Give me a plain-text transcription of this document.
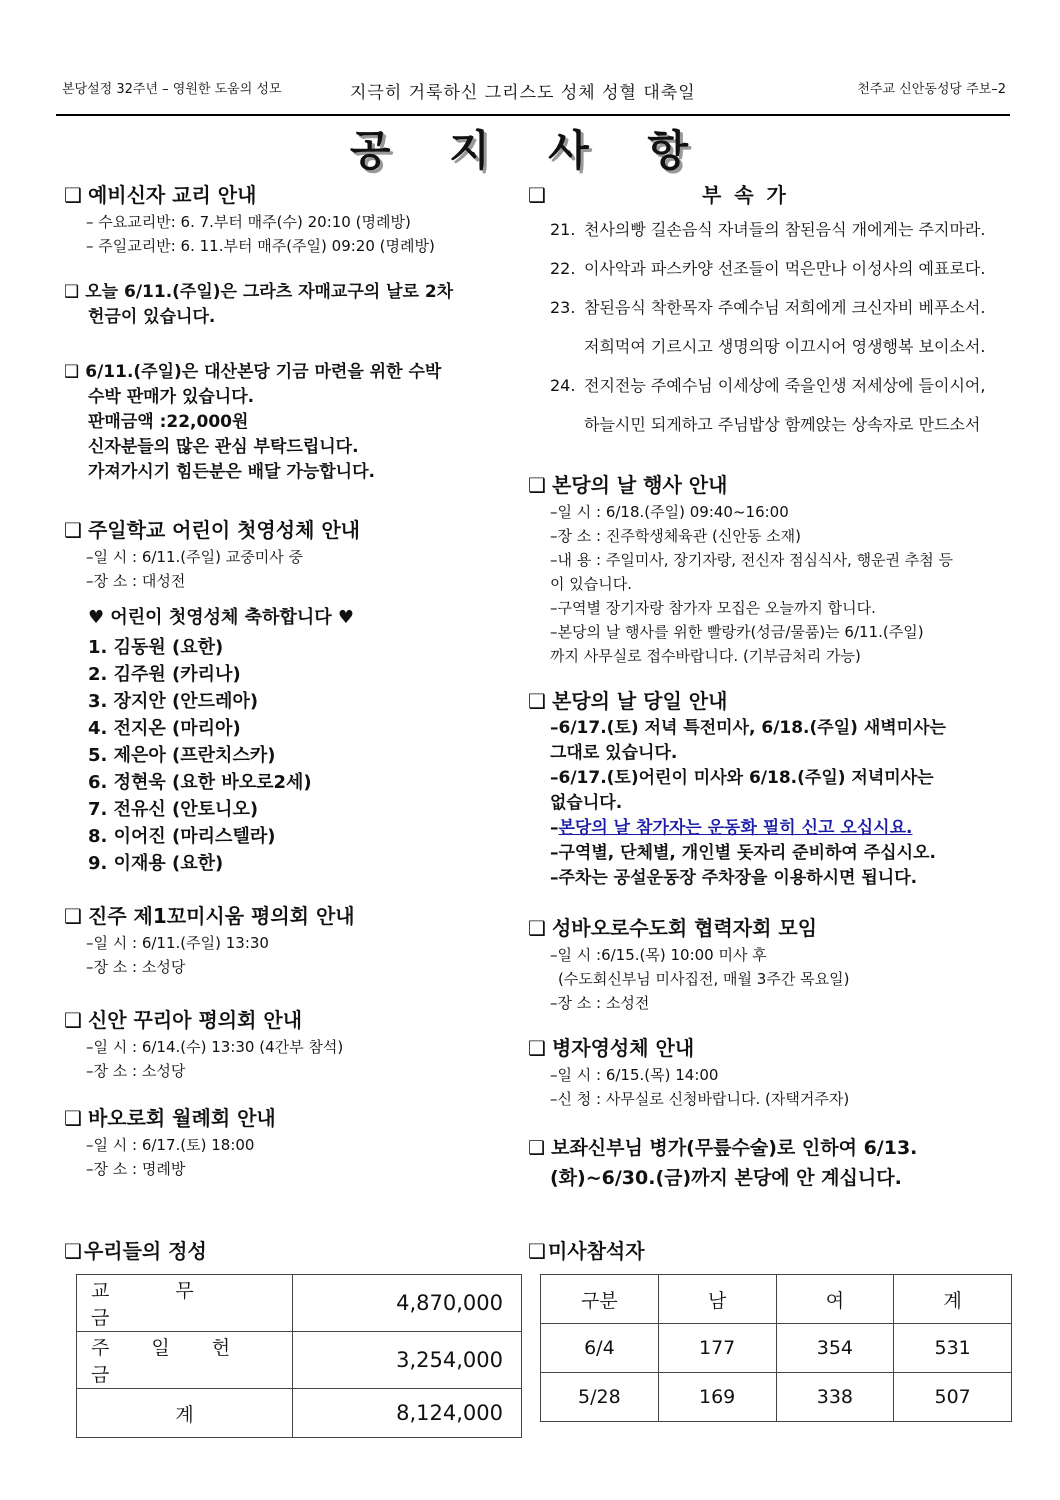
본당설정 32주년 – 영원한 도움의 성모	지극히 거룩하신 그리스도 성체 성혈 대축일	천주교 신안동성당 주보–2
공 지 사 항
❑ 예비신자 교리 안내
– 수요교리반: 6. 7.부터 매주(수) 20:10 (명례방)
– 주일교리반: 6. 11.부터 매주(주일) 09:20 (명례방)
❑ 오늘 6/11.(주일)은 그라츠 자매교구의 날로 2차
헌금이 있습니다.
❑ 6/11.(주일)은 대산본당 기금 마련을 위한 수박
수박 판매가 있습니다.
판매금액 :22,000원
신자분들의 많은 관심 부탁드립니다.
가져가시기 힘든분은 배달 가능합니다.
❑ 주일학교 어린이 첫영성체 안내
–일 시 : 6/11.(주일) 교중미사 중
–장 소 : 대성전
♥ 어린이 첫영성체 축하합니다 ♥
1. 김동원 (요한)
2. 김주원 (카리나)
3. 장지안 (안드레아)
4. 전지온 (마리아)
5. 제은아 (프란치스카)
6. 정현욱 (요한 바오로2세)
7. 전유신 (안토니오)
8. 이어진 (마리스텔라)
9. 이재용 (요한)
❑ 진주 제1꼬미시움 평의회 안내
–일 시 : 6/11.(주일) 13:30
–장 소 : 소성당
❑ 신안 꾸리아 평의회 안내
–일 시 : 6/14.(수) 13:30 (4간부 참석)
–장 소 : 소성당
❑ 바오로회 월례회 안내
–일 시 : 6/17.(토) 18:00
–장 소 : 명례방
❑	부 속 가
21. 천사의빵 길손음식 자녀들의 참된음식 개에게는 주지마라.
22. 이사악과 파스카양 선조들이 먹은만나 이성사의 예표로다.
23. 참된음식 착한목자 주예수님 저희에게 크신자비 베푸소서.
저희먹여 기르시고 생명의땅 이끄시어 영생행복 보이소서.
24. 전지전능 주예수님 이세상에 죽을인생 저세상에 들이시어,
하늘시민 되게하고 주님밥상 함께앉는 상속자로 만드소서
❑ 본당의 날 행사 안내
–일 시 : 6/18.(주일) 09:40~16:00
–장 소 : 진주학생체육관 (신안동 소재)
–내 용 : 주일미사, 장기자랑, 전신자 점심식사, 행운권 추첨 등
이 있습니다.
–구역별 장기자랑 참가자 모집은 오늘까지 합니다.
–본당의 날 행사를 위한 빨랑카(성금/물품)는 6/11.(주일)
까지 사무실로 접수바랍니다. (기부금처리 가능)
❑ 본당의 날 당일 안내
–6/17.(토) 저녁 특전미사, 6/18.(주일) 새벽미사는
그대로 있습니다.
–6/17.(토)어린이 미사와 6/18.(주일) 저녁미사는
없습니다.
–본당의 날 참가자는 운동화 필히 신고 오십시요.
–구역별, 단체별, 개인별 돗자리 준비하여 주십시오.
–주차는 공설운동장 주차장을 이용하시면 됩니다.
❑ 성바오로수도회 협력자회 모임
–일 시 :6/15.(목) 10:00 미사 후
(수도회신부님 미사집전, 매월 3주간 목요일)
–장 소 : 소성전
❑ 병자영성체 안내
–일 시 : 6/15.(목) 14:00
–신 청 : 사무실로 신청바랍니다. (자택거주자)
❑ 보좌신부님 병가(무릎수술)로 인하여 6/13.
(화)~6/30.(금)까지 본당에 안 계십니다.
❑ 우리들의 정성	❑ 미사참석자
교 무 금	4,870,000
주 일 헌 금	3,254,000
계	8,124,000
구분	남	여	계
6/4	177	354	531
5/28	169	338	507
